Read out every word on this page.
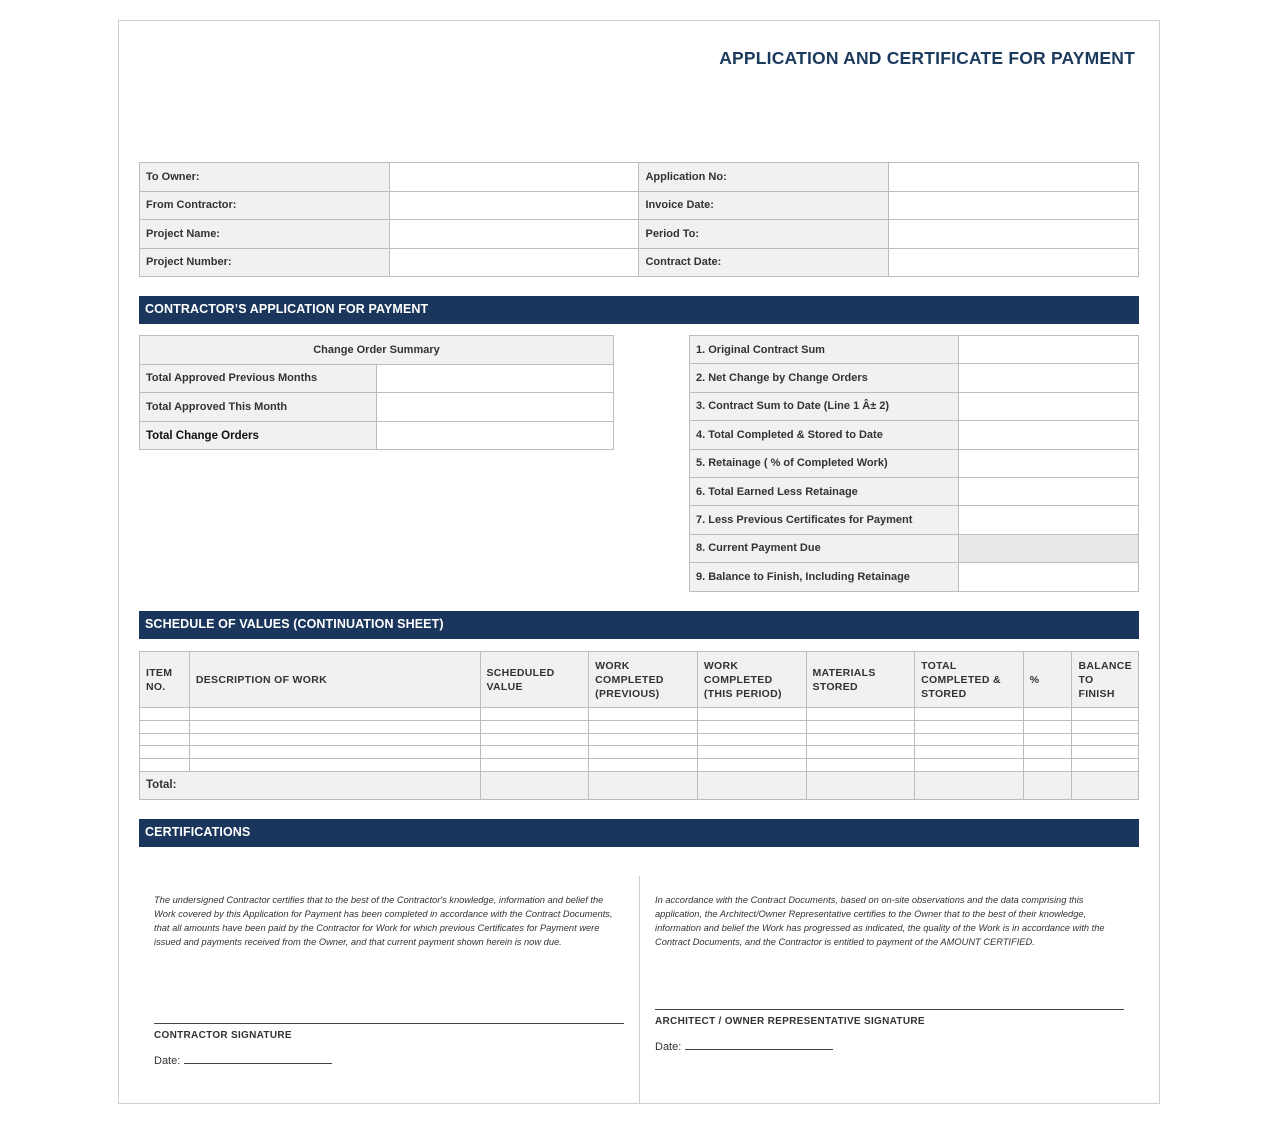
APPLICATION AND CERTIFICATE FOR PAYMENT
To Owner:		Application No:	
From Contractor:		Invoice Date:	
Project Name:		Period To:	
Project Number:		Contract Date:	
CONTRACTOR’S APPLICATION FOR PAYMENT
Change Order Summary	
Total Approved Previous Months	
Total Approved This Month	
Total Change Orders	
1. Original Contract Sum	
2. Net Change by Change Orders	
3. Contract Sum to Date (Line 1 Â± 2)	
4. Total Completed & Stored to Date	
5. Retainage ( % of Completed Work)	
6. Total Earned Less Retainage	
7. Less Previous Certificates for Payment	
8. Current Payment Due	
9. Balance to Finish, Including Retainage	
SCHEDULE OF VALUES (CONTINUATION SHEET)
ITEM NO.	DESCRIPTION OF WORK	SCHEDULED VALUE	WORK COMPLETED (PREVIOUS)	WORK COMPLETED (THIS PERIOD)	MATERIALS STORED	TOTAL COMPLETED & STORED	%	BALANCE TO FINISH

Total:								
CERTIFICATIONS
The undersigned Contractor certifies that to the best of the Contractor's knowledge, information and belief the Work covered by this Application for Payment has been completed in accordance with the Contract Documents, that all amounts have been paid by the Contractor for Work for which previous Certificates for Payment were issued and payments received from the Owner, and that current payment shown herein is now due.
In accordance with the Contract Documents, based on on-site observations and the data comprising this application, the Architect/Owner Representative certifies to the Owner that to the best of their knowledge, information and belief the Work has progressed as indicated, the quality of the Work is in accordance with the Contract Documents, and the Contractor is entitled to payment of the AMOUNT CERTIFIED.
CONTRACTOR SIGNATURE
Date:
ARCHITECT / OWNER REPRESENTATIVE SIGNATURE
Date:
